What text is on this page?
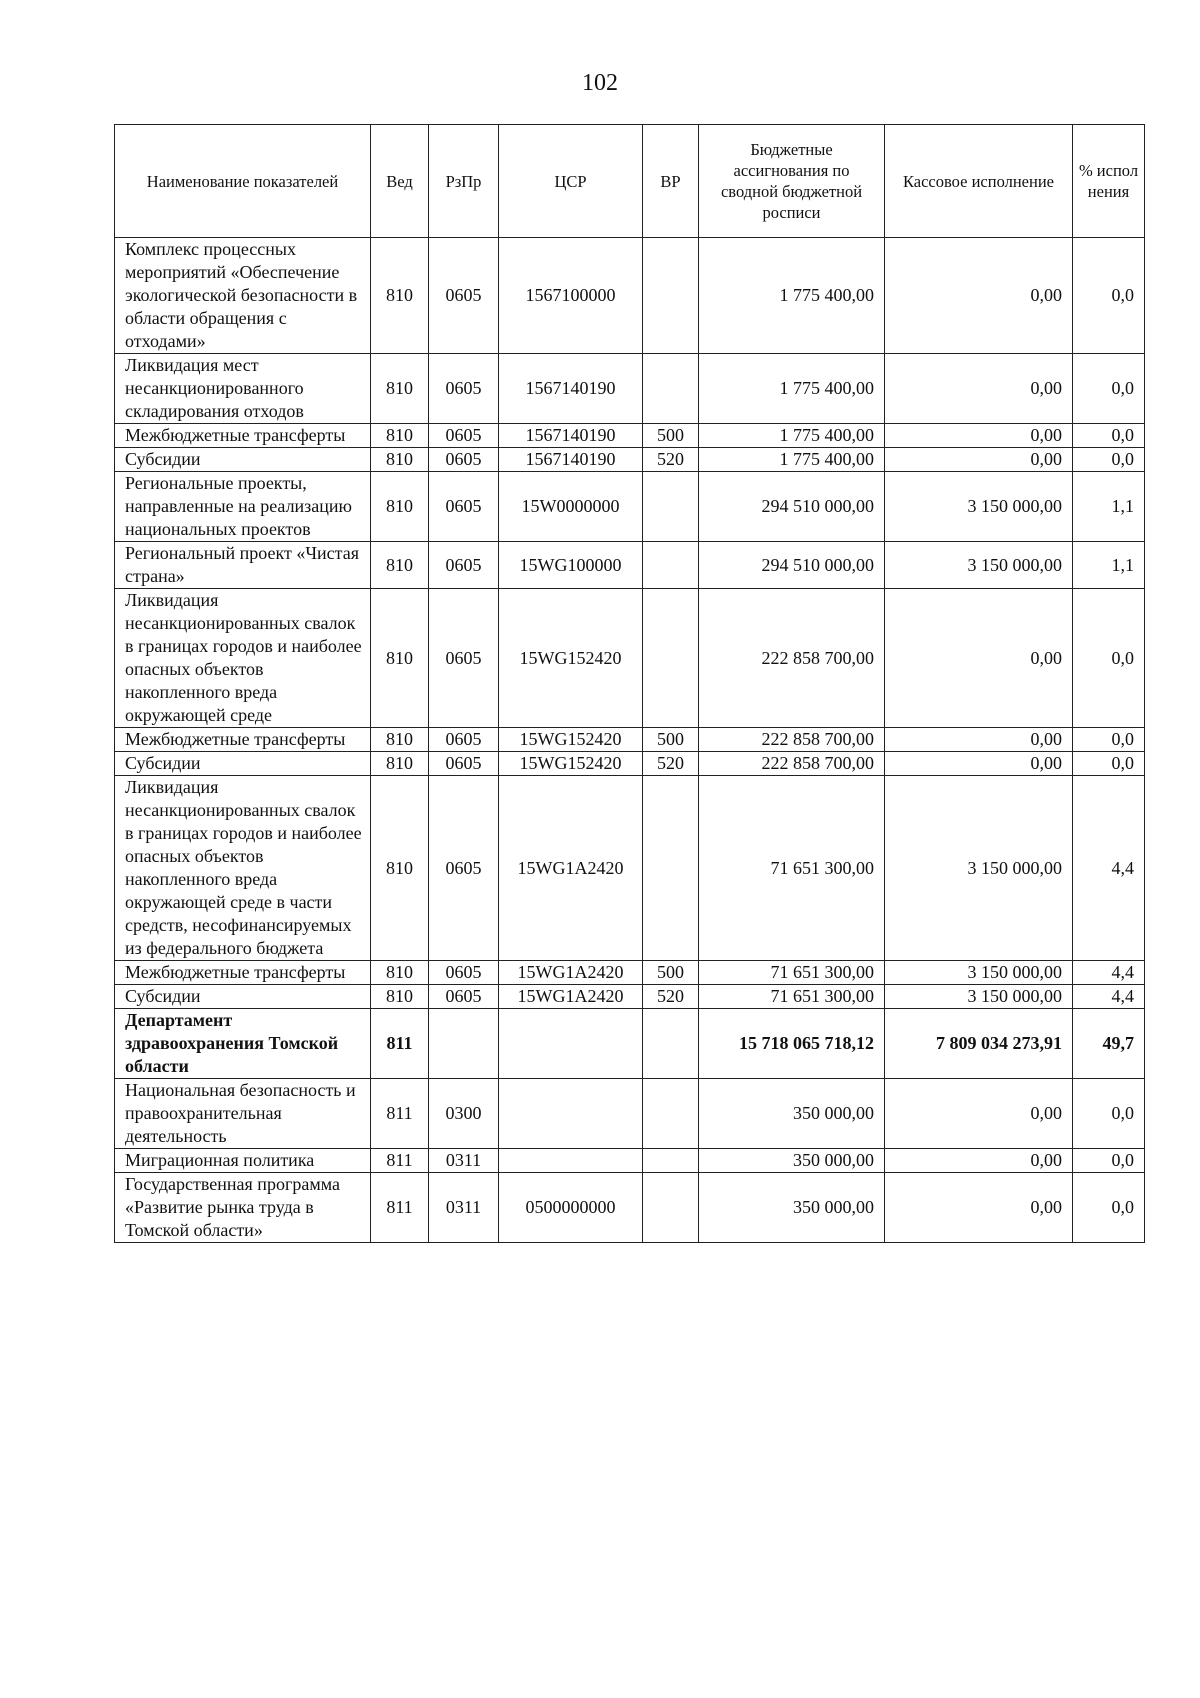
102
Наименование показателей	Вед	РзПр	ЦСР	ВР	Бюджетные ассигнования по сводной бюджетной росписи	Кассовое исполнение	% испол нения
Комплекс процессных мероприятий «Обеспечение экологической безопасности в области обращения с отходами»	810	0605	1567100000		1 775 400,00	0,00	0,0
Ликвидация мест несанкционированного складирования отходов	810	0605	1567140190		1 775 400,00	0,00	0,0
Межбюджетные трансферты	810	0605	1567140190	500	1 775 400,00	0,00	0,0
Субсидии	810	0605	1567140190	520	1 775 400,00	0,00	0,0
Региональные проекты, направленные на реализацию национальных проектов	810	0605	15W0000000		294 510 000,00	3 150 000,00	1,1
Региональный проект «Чистая страна»	810	0605	15WG100000		294 510 000,00	3 150 000,00	1,1
Ликвидация несанкционированных свалок в границах городов и наиболее опасных объектов накопленного вреда окружающей среде	810	0605	15WG152420		222 858 700,00	0,00	0,0
Межбюджетные трансферты	810	0605	15WG152420	500	222 858 700,00	0,00	0,0
Субсидии	810	0605	15WG152420	520	222 858 700,00	0,00	0,0
Ликвидация несанкционированных свалок в границах городов и наиболее опасных объектов накопленного вреда окружающей среде в части средств, несофинансируемых из федерального бюджета	810	0605	15WG1A2420		71 651 300,00	3 150 000,00	4,4
Межбюджетные трансферты	810	0605	15WG1A2420	500	71 651 300,00	3 150 000,00	4,4
Субсидии	810	0605	15WG1A2420	520	71 651 300,00	3 150 000,00	4,4
Департамент здравоохранения Томской области	811				15 718 065 718,12	7 809 034 273,91	49,7
Национальная безопасность и правоохранительная деятельность	811	0300			350 000,00	0,00	0,0
Миграционная политика	811	0311			350 000,00	0,00	0,0
Государственная программа «Развитие рынка труда в Томской области»	811	0311	0500000000		350 000,00	0,00	0,0
